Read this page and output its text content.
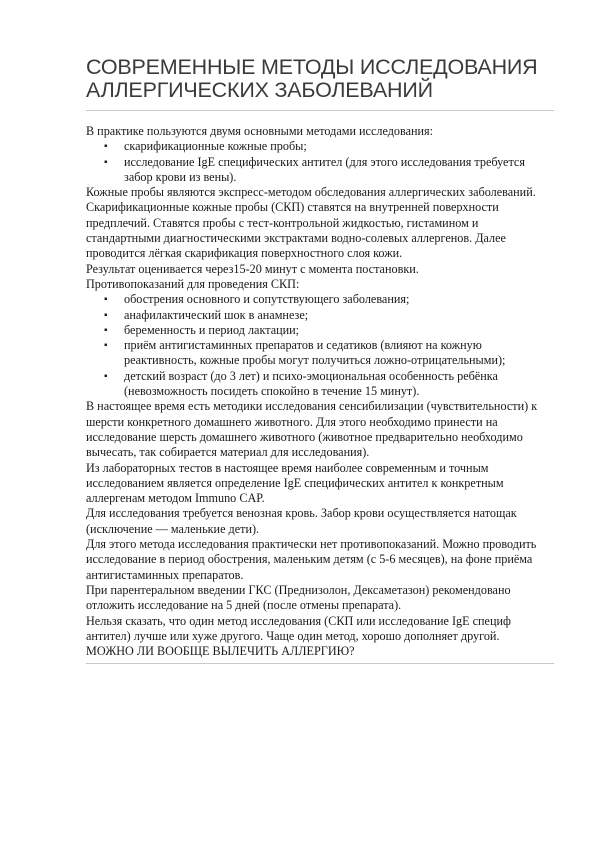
СОВРЕМЕННЫЕ МЕТОДЫ ИССЛЕДОВАНИЯ
АЛЛЕРГИЧЕСКИХ ЗАБОЛЕВАНИЙ

В практике пользуются двумя основными методами исследования:

▪ скарификационные кожные пробы;
▪ исследование IgE специфических антител (для этого исследования требуется забор крови из вены).

Кожные пробы являются экспресс-методом обследования аллергических заболеваний. Скарификационные кожные пробы (СКП) ставятся на внутренней поверхности предплечий. Ставятся пробы с тест-контрольной жидкостью, гистамином и стандартными диагностическими экстрактами водно-солевых аллергенов. Далее проводится лёгкая скарификация поверхностного слоя кожи.

Результат оценивается через15-20 минут с момента постановки.

Противопоказаний для проведения СКП:

▪ обострения основного и сопутствующего заболевания;
▪ анафилактический шок в анамнезе;
▪ беременность и период лактации;
▪ приём антигистаминных препаратов и седатиков (влияют на кожную реактивность, кожные пробы могут получиться ложно-отрицательными);
▪ детский возраст (до 3 лет) и психо-эмоциональная особенность ребёнка (невозможность посидеть спокойно в течение 15 минут).

В настоящее время есть методики исследования сенсибилизации (чувствительности) к шерсти конкретного домашнего животного. Для этого необходимо принести на исследование шерсть домашнего животного (животное предварительно необходимо вычесать, так собирается материал для исследования).

Из лабораторных тестов в настоящее время наиболее современным и точным исследованием является определение IgE специфических антител к конкретным аллергенам методом Immuno CAP.

Для исследования требуется венозная кровь. Забор крови осуществляется натощак (исключение — маленькие дети).

Для этого метода исследования практически нет противопоказаний. Можно проводить исследование в период обострения, маленьким детям (с 5-6 месяцев), на фоне приёма антигистаминных препаратов.

При парентеральном введении ГКС (Преднизолон, Дексаметазон) рекомендовано отложить исследование на 5 дней (после отмены препарата).

Нельзя сказать, что один метод исследования (СКП или исследование IgE специф антител) лучше или хуже другого. Чаще один метод, хорошо дополняет другой.

МОЖНО ЛИ ВООБЩЕ ВЫЛЕЧИТЬ АЛЛЕРГИЮ?
